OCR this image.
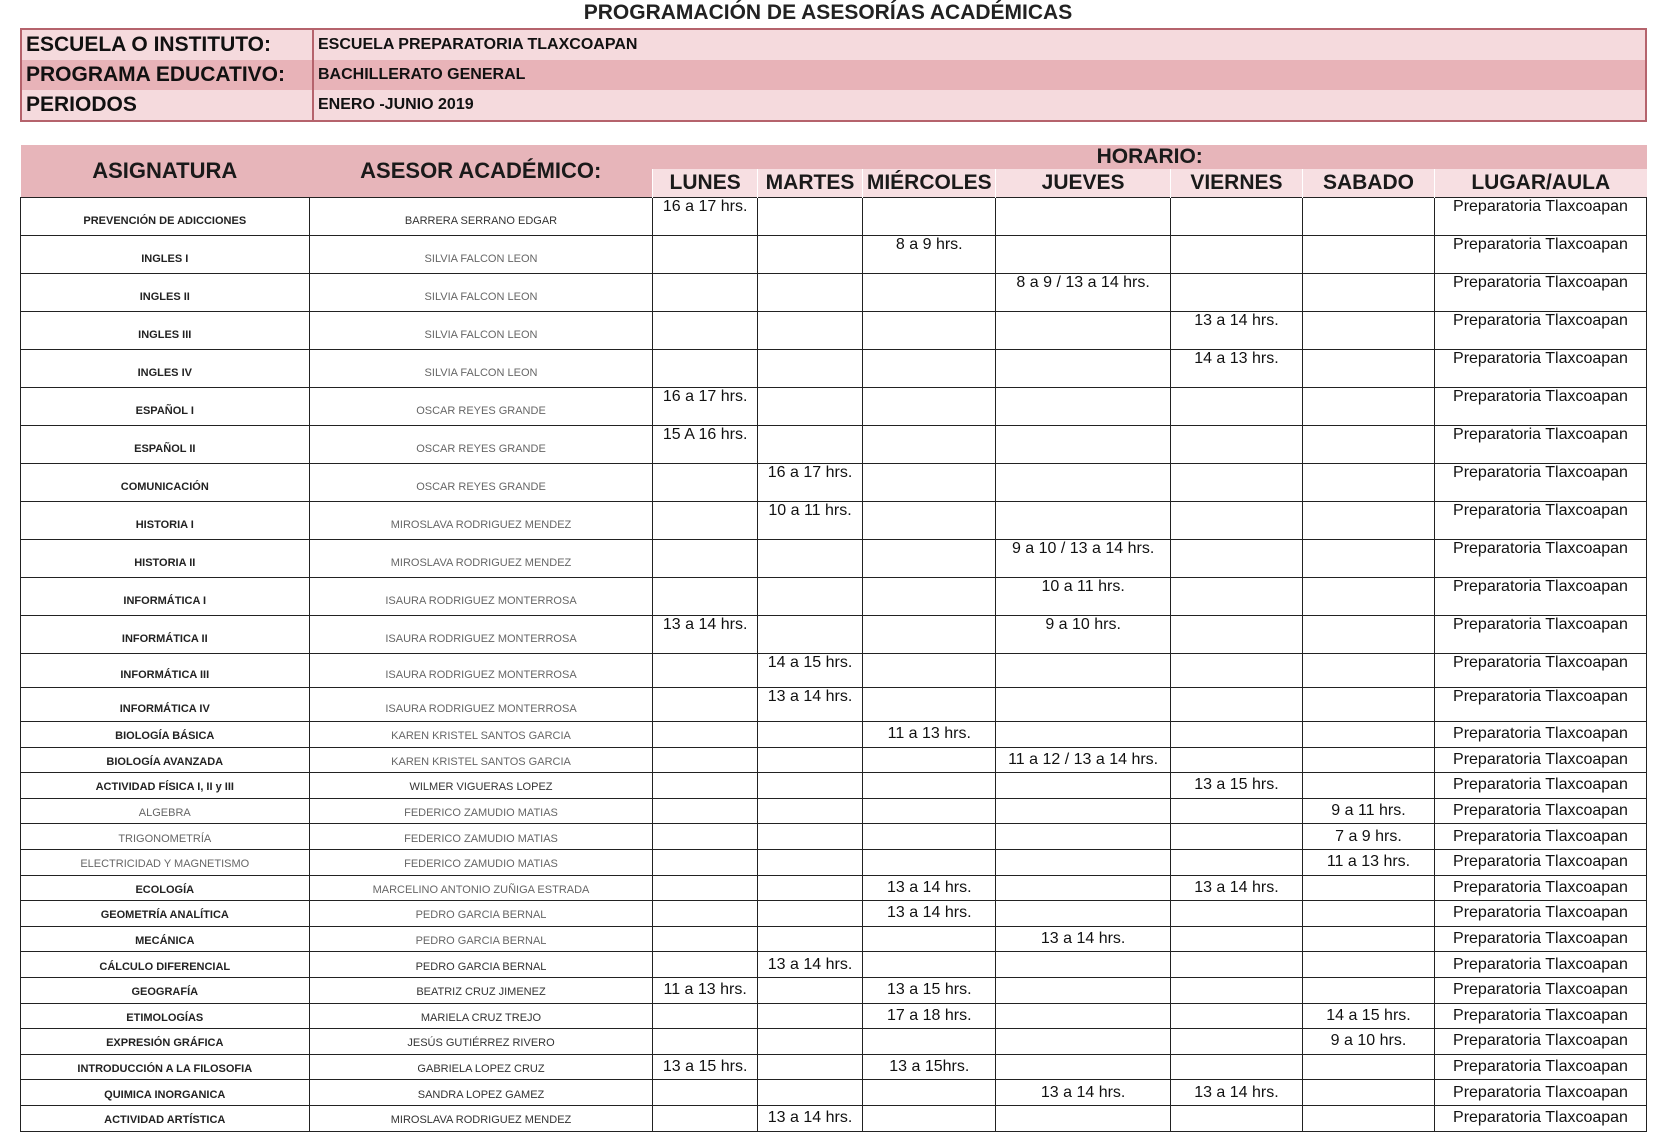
PROGRAMACIÓN DE ASESORÍAS ACADÉMICAS
ESCUELA O INSTITUTO:	ESCUELA PREPARATORIA TLAXCOAPAN
PROGRAMA EDUCATIVO:	BACHILLERATO GENERAL
PERIODOS	ENERO -JUNIO 2019
ASIGNATURA	ASESOR ACADÉMICO:	HORARIO:						
		LUNES	MARTES	MIÉRCOLES	JUEVES	VIERNES	SABADO	LUGAR/AULA
PREVENCIÓN DE ADICCIONES	BARRERA SERRANO EDGAR	16 a 17 hrs.						Preparatoria Tlaxcoapan
INGLES I	SILVIA FALCON LEON			8 a 9 hrs.				Preparatoria Tlaxcoapan
INGLES II	SILVIA FALCON LEON				8 a 9 / 13 a 14 hrs.			Preparatoria Tlaxcoapan
INGLES III	SILVIA FALCON LEON					13 a 14 hrs.		Preparatoria Tlaxcoapan
INGLES IV	SILVIA FALCON LEON					14 a 13 hrs.		Preparatoria Tlaxcoapan
ESPAÑOL I	OSCAR REYES GRANDE	16 a 17 hrs.						Preparatoria Tlaxcoapan
ESPAÑOL II	OSCAR REYES GRANDE	15 A 16 hrs.						Preparatoria Tlaxcoapan
COMUNICACIÓN	OSCAR REYES GRANDE		16 a 17 hrs.					Preparatoria Tlaxcoapan
HISTORIA I	MIROSLAVA RODRIGUEZ MENDEZ		10 a 11 hrs.					Preparatoria Tlaxcoapan
HISTORIA II	MIROSLAVA RODRIGUEZ MENDEZ				9 a 10 / 13 a 14 hrs.			Preparatoria Tlaxcoapan
INFORMÁTICA I	ISAURA RODRIGUEZ MONTERROSA				10 a 11 hrs.			Preparatoria Tlaxcoapan
INFORMÁTICA II	ISAURA RODRIGUEZ MONTERROSA	13 a 14 hrs.			9 a 10 hrs.			Preparatoria Tlaxcoapan
INFORMÁTICA III	ISAURA RODRIGUEZ MONTERROSA		14 a 15 hrs.					Preparatoria Tlaxcoapan
INFORMÁTICA IV	ISAURA RODRIGUEZ MONTERROSA		13 a 14 hrs.					Preparatoria Tlaxcoapan
BIOLOGÍA BÁSICA	KAREN KRISTEL SANTOS GARCIA			11 a 13 hrs.				Preparatoria Tlaxcoapan
BIOLOGÍA AVANZADA	KAREN KRISTEL SANTOS GARCIA				11 a 12 / 13 a 14 hrs.			Preparatoria Tlaxcoapan
ACTIVIDAD FÍSICA I, II y III	WILMER VIGUERAS LOPEZ					13 a 15 hrs.		Preparatoria Tlaxcoapan
ALGEBRA	FEDERICO ZAMUDIO MATIAS						9 a 11 hrs.	Preparatoria Tlaxcoapan
TRIGONOMETRÍA	FEDERICO ZAMUDIO MATIAS						7 a 9 hrs.	Preparatoria Tlaxcoapan
ELECTRICIDAD Y MAGNETISMO	FEDERICO ZAMUDIO MATIAS						11 a 13 hrs.	Preparatoria Tlaxcoapan
ECOLOGÍA	MARCELINO ANTONIO ZUÑIGA ESTRADA			13 a 14 hrs.		13 a 14 hrs.		Preparatoria Tlaxcoapan
GEOMETRÍA ANALÍTICA	PEDRO GARCIA BERNAL			13 a 14 hrs.				Preparatoria Tlaxcoapan
MECÁNICA	PEDRO GARCIA BERNAL				13 a 14 hrs.			Preparatoria Tlaxcoapan
CÁLCULO DIFERENCIAL	PEDRO GARCIA BERNAL		13 a 14 hrs.					Preparatoria Tlaxcoapan
GEOGRAFÍA	BEATRIZ CRUZ JIMENEZ	11 a 13 hrs.		13 a 15 hrs.				Preparatoria Tlaxcoapan
ETIMOLOGÍAS	MARIELA CRUZ TREJO			17 a 18 hrs.			14 a 15 hrs.	Preparatoria Tlaxcoapan
EXPRESIÓN GRÁFICA	JESÚS GUTIÉRREZ RIVERO						9 a 10 hrs.	Preparatoria Tlaxcoapan
INTRODUCCIÓN A LA FILOSOFIA	GABRIELA LOPEZ CRUZ	13 a 15 hrs.		13 a 15hrs.				Preparatoria Tlaxcoapan
QUIMICA INORGANICA	SANDRA LOPEZ GAMEZ				13 a 14 hrs.	13 a 14 hrs.		Preparatoria Tlaxcoapan
ACTIVIDAD ARTÍSTICA	MIROSLAVA RODRIGUEZ MENDEZ		13 a 14 hrs.					Preparatoria Tlaxcoapan
